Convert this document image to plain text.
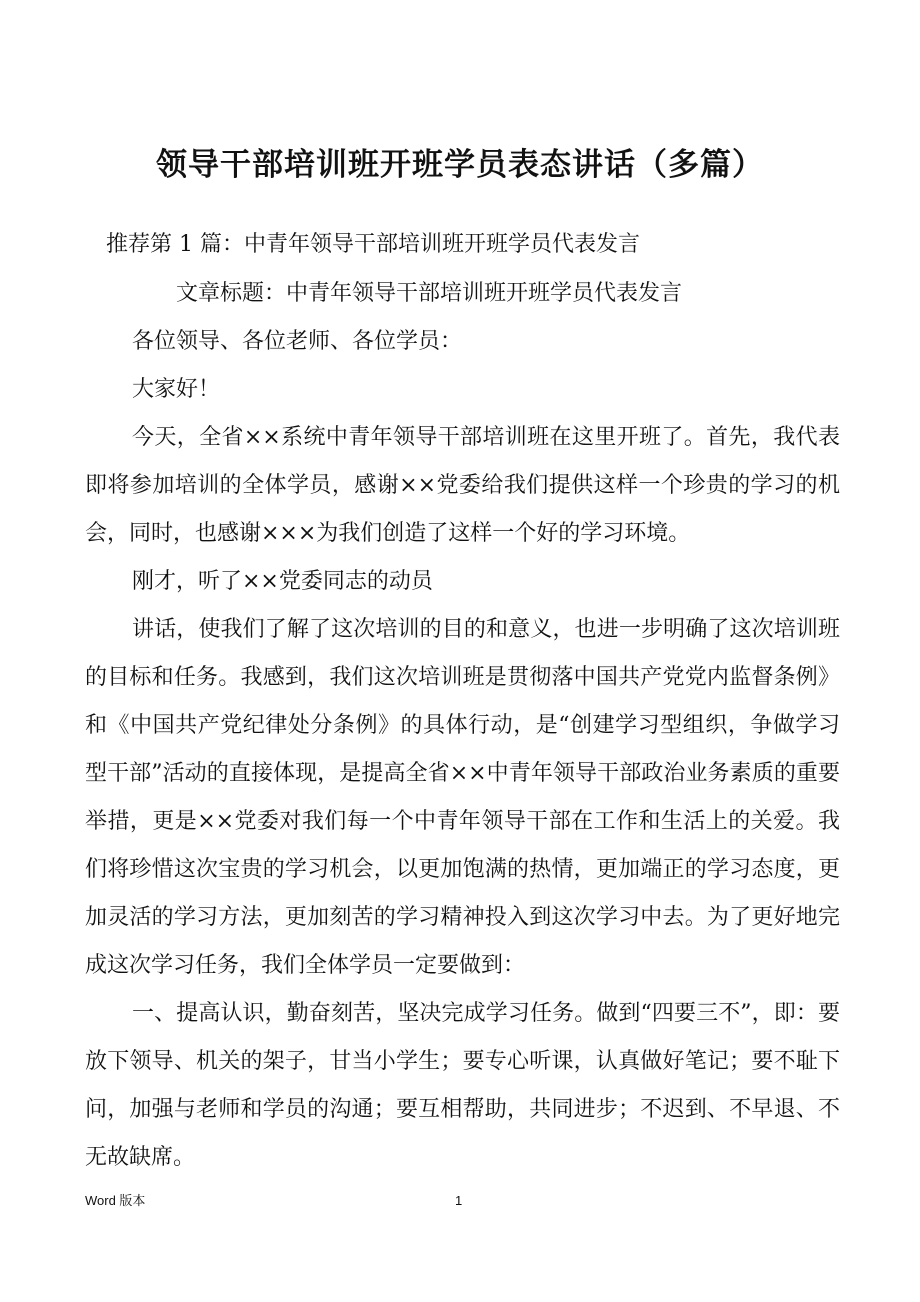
领导干部培训班开班学员表态讲话（多篇）

推荐第 1 篇：中青年领导干部培训班开班学员代表发言

文章标题：中青年领导干部培训班开班学员代表发言

各位领导、各位老师、各位学员：

大家好！

今天，全省××系统中青年领导干部培训班在这里开班了。首先，我代表即将参加培训的全体学员，感谢××党委给我们提供这样一个珍贵的学习的机会，同时，也感谢×××为我们创造了这样一个好的学习环境。

刚才，听了××党委同志的动员

讲话，使我们了解了这次培训的目的和意义，也进一步明确了这次培训班的目标和任务。我感到，我们这次培训班是贯彻落中国共产党党内监督条例》和《中国共产党纪律处分条例》的具体行动，是“创建学习型组织，争做学习型干部”活动的直接体现，是提高全省××中青年领导干部政治业务素质的重要举措，更是××党委对我们每一个中青年领导干部在工作和生活上的关爱。我们将珍惜这次宝贵的学习机会，以更加饱满的热情，更加端正的学习态度，更加灵活的学习方法，更加刻苦的学习精神投入到这次学习中去。为了更好地完成这次学习任务，我们全体学员一定要做到：

一、提高认识，勤奋刻苦，坚决完成学习任务。做到“四要三不”，即：要放下领导、机关的架子，甘当小学生；要专心听课，认真做好笔记；要不耻下问，加强与老师和学员的沟通；要互相帮助，共同进步；不迟到、不早退、不无故缺席。

Word 版本	1
